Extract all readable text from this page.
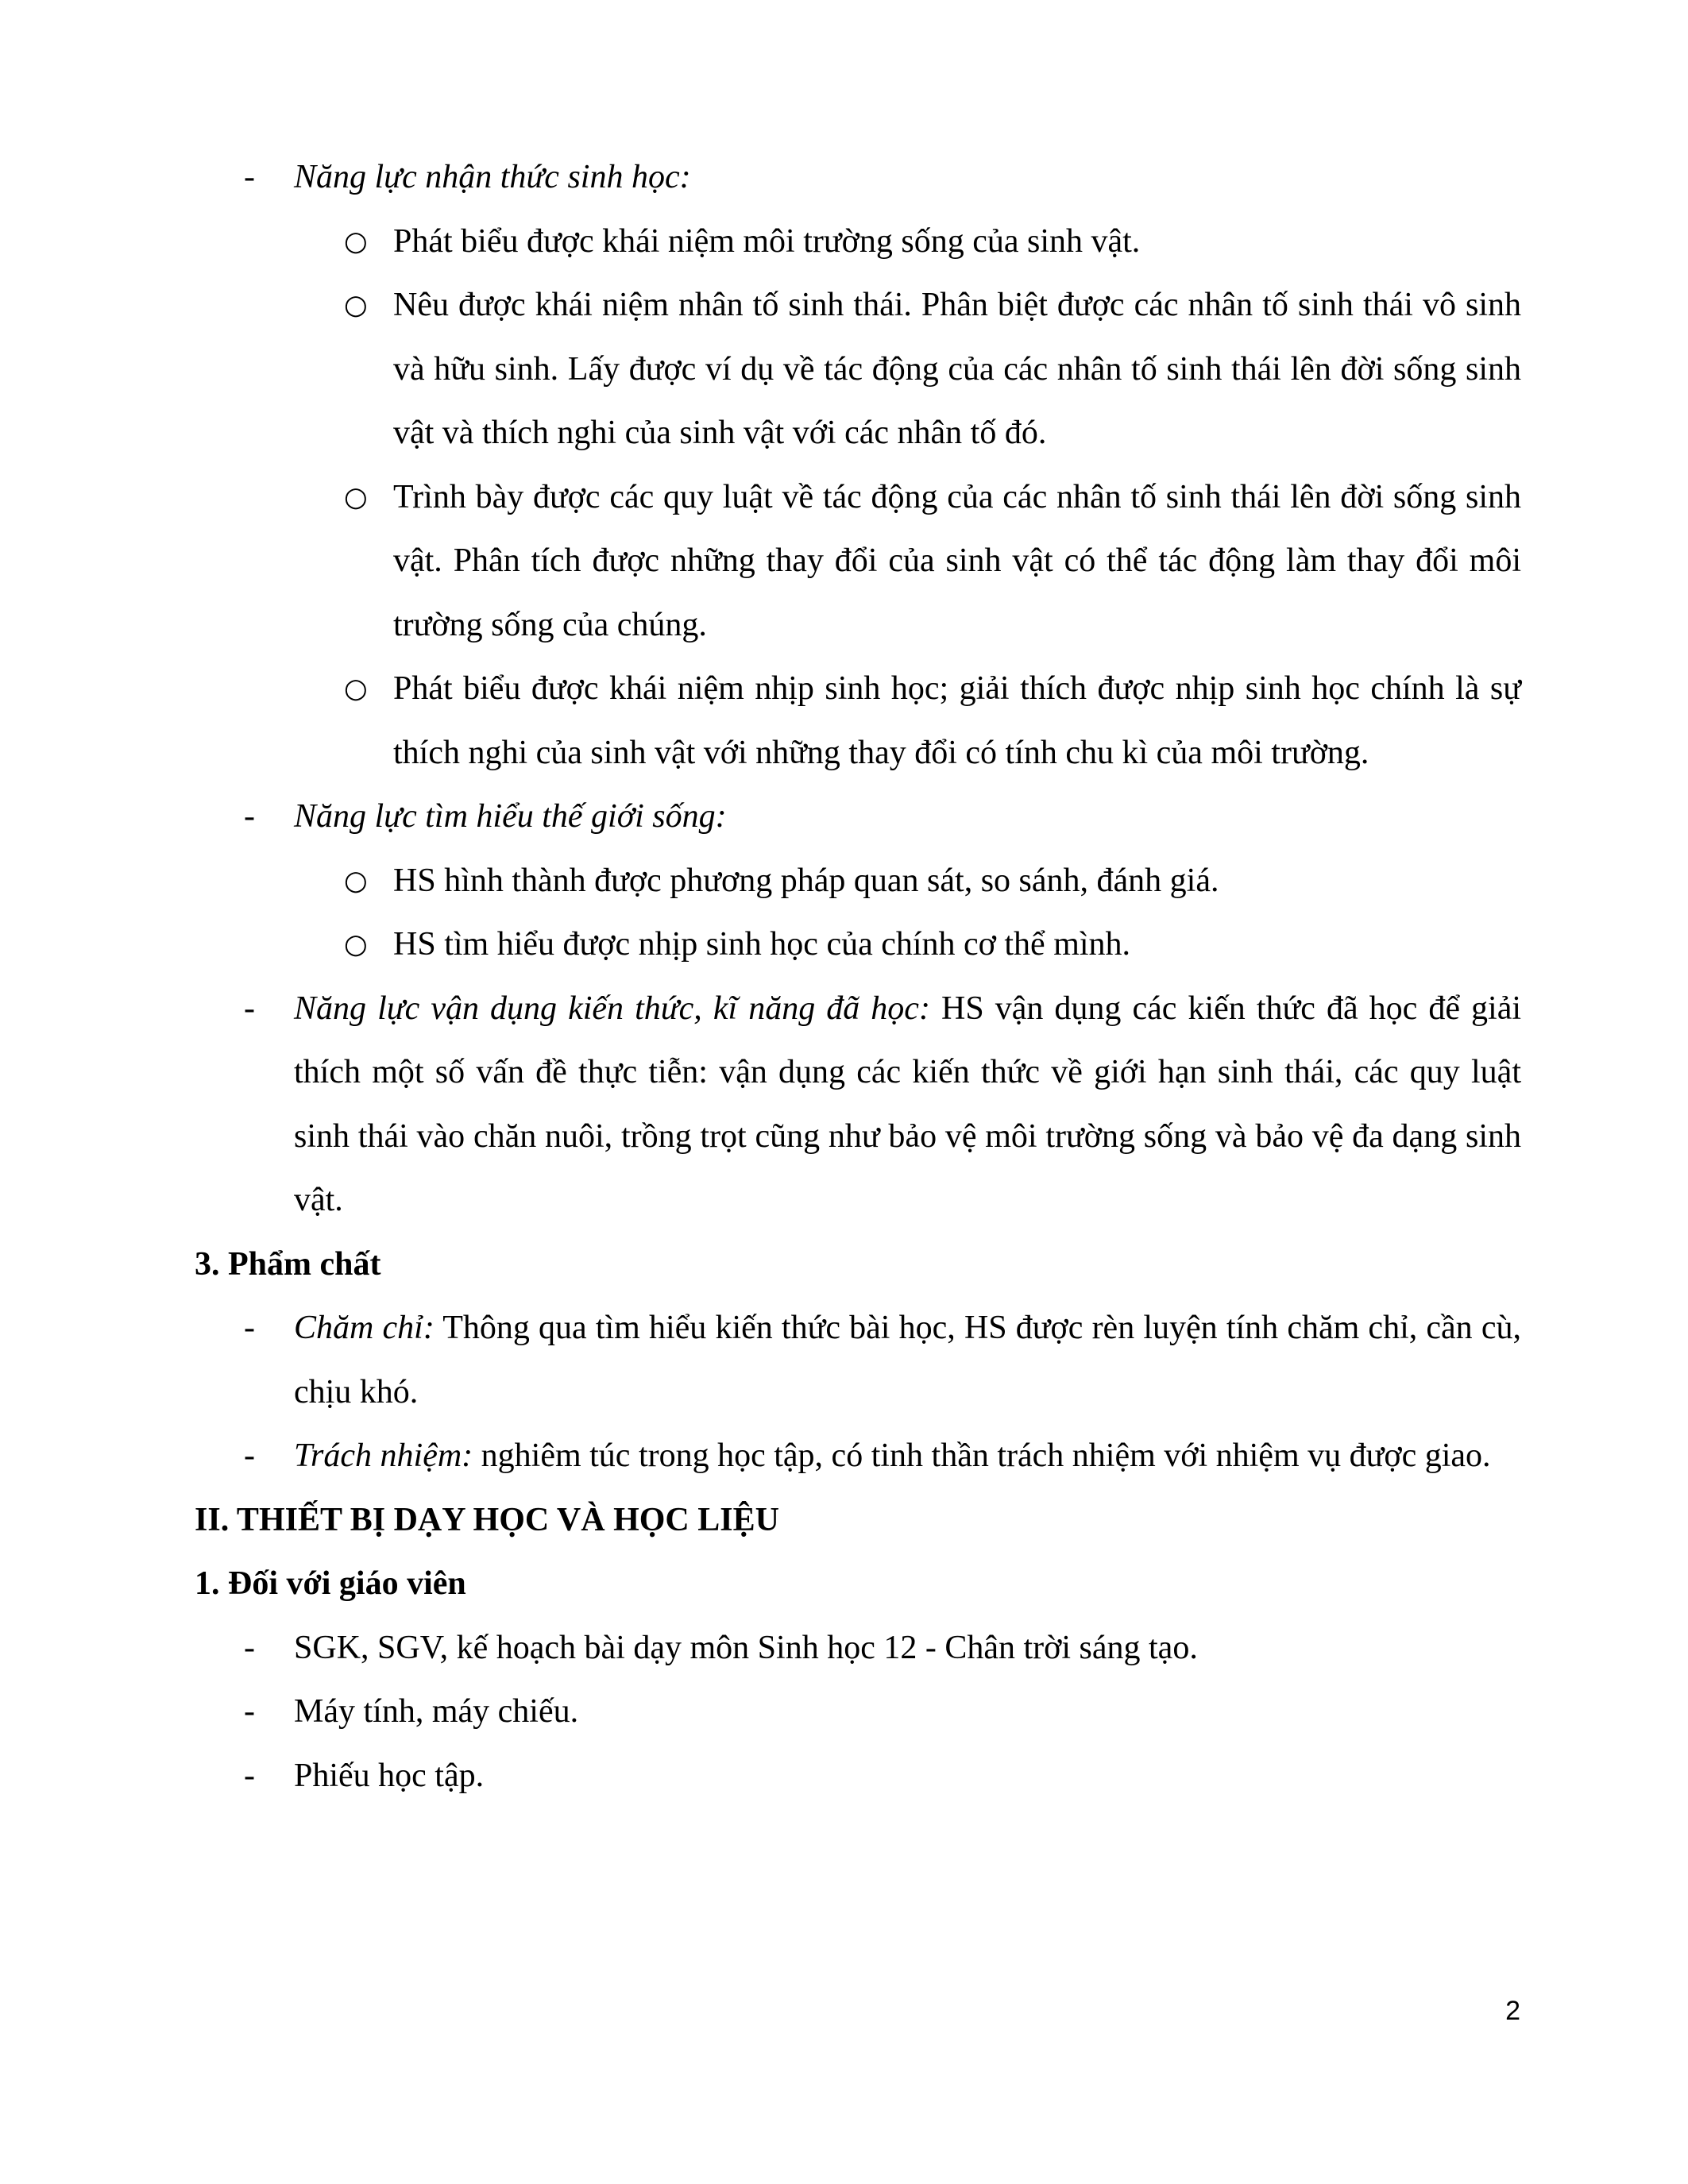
- Năng lực nhận thức sinh học:
○ Phát biểu được khái niệm môi trường sống của sinh vật.
○ Nêu được khái niệm nhân tố sinh thái. Phân biệt được các nhân tố sinh thái vô sinh và hữu sinh. Lấy được ví dụ về tác động của các nhân tố sinh thái lên đời sống sinh vật và thích nghi của sinh vật với các nhân tố đó.
○ Trình bày được các quy luật về tác động của các nhân tố sinh thái lên đời sống sinh vật. Phân tích được những thay đổi của sinh vật có thể tác động làm thay đổi môi trường sống của chúng.
○ Phát biểu được khái niệm nhịp sinh học; giải thích được nhịp sinh học chính là sự thích nghi của sinh vật với những thay đổi có tính chu kì của môi trường.
- Năng lực tìm hiểu thế giới sống:
○ HS hình thành được phương pháp quan sát, so sánh, đánh giá.
○ HS tìm hiểu được nhịp sinh học của chính cơ thể mình.
- Năng lực vận dụng kiến thức, kĩ năng đã học: HS vận dụng các kiến thức đã học để giải thích một số vấn đề thực tiễn: vận dụng các kiến thức về giới hạn sinh thái, các quy luật sinh thái vào chăn nuôi, trồng trọt cũng như bảo vệ môi trường sống và bảo vệ đa dạng sinh vật.
3. Phẩm chất
- Chăm chỉ: Thông qua tìm hiểu kiến thức bài học, HS được rèn luyện tính chăm chỉ, cần cù, chịu khó.
- Trách nhiệm: nghiêm túc trong học tập, có tinh thần trách nhiệm với nhiệm vụ được giao.
II. THIẾT BỊ DẠY HỌC VÀ HỌC LIỆU
1. Đối với giáo viên
- SGK, SGV, kế hoạch bài dạy môn Sinh học 12 - Chân trời sáng tạo.
- Máy tính, máy chiếu.
- Phiếu học tập.
2
